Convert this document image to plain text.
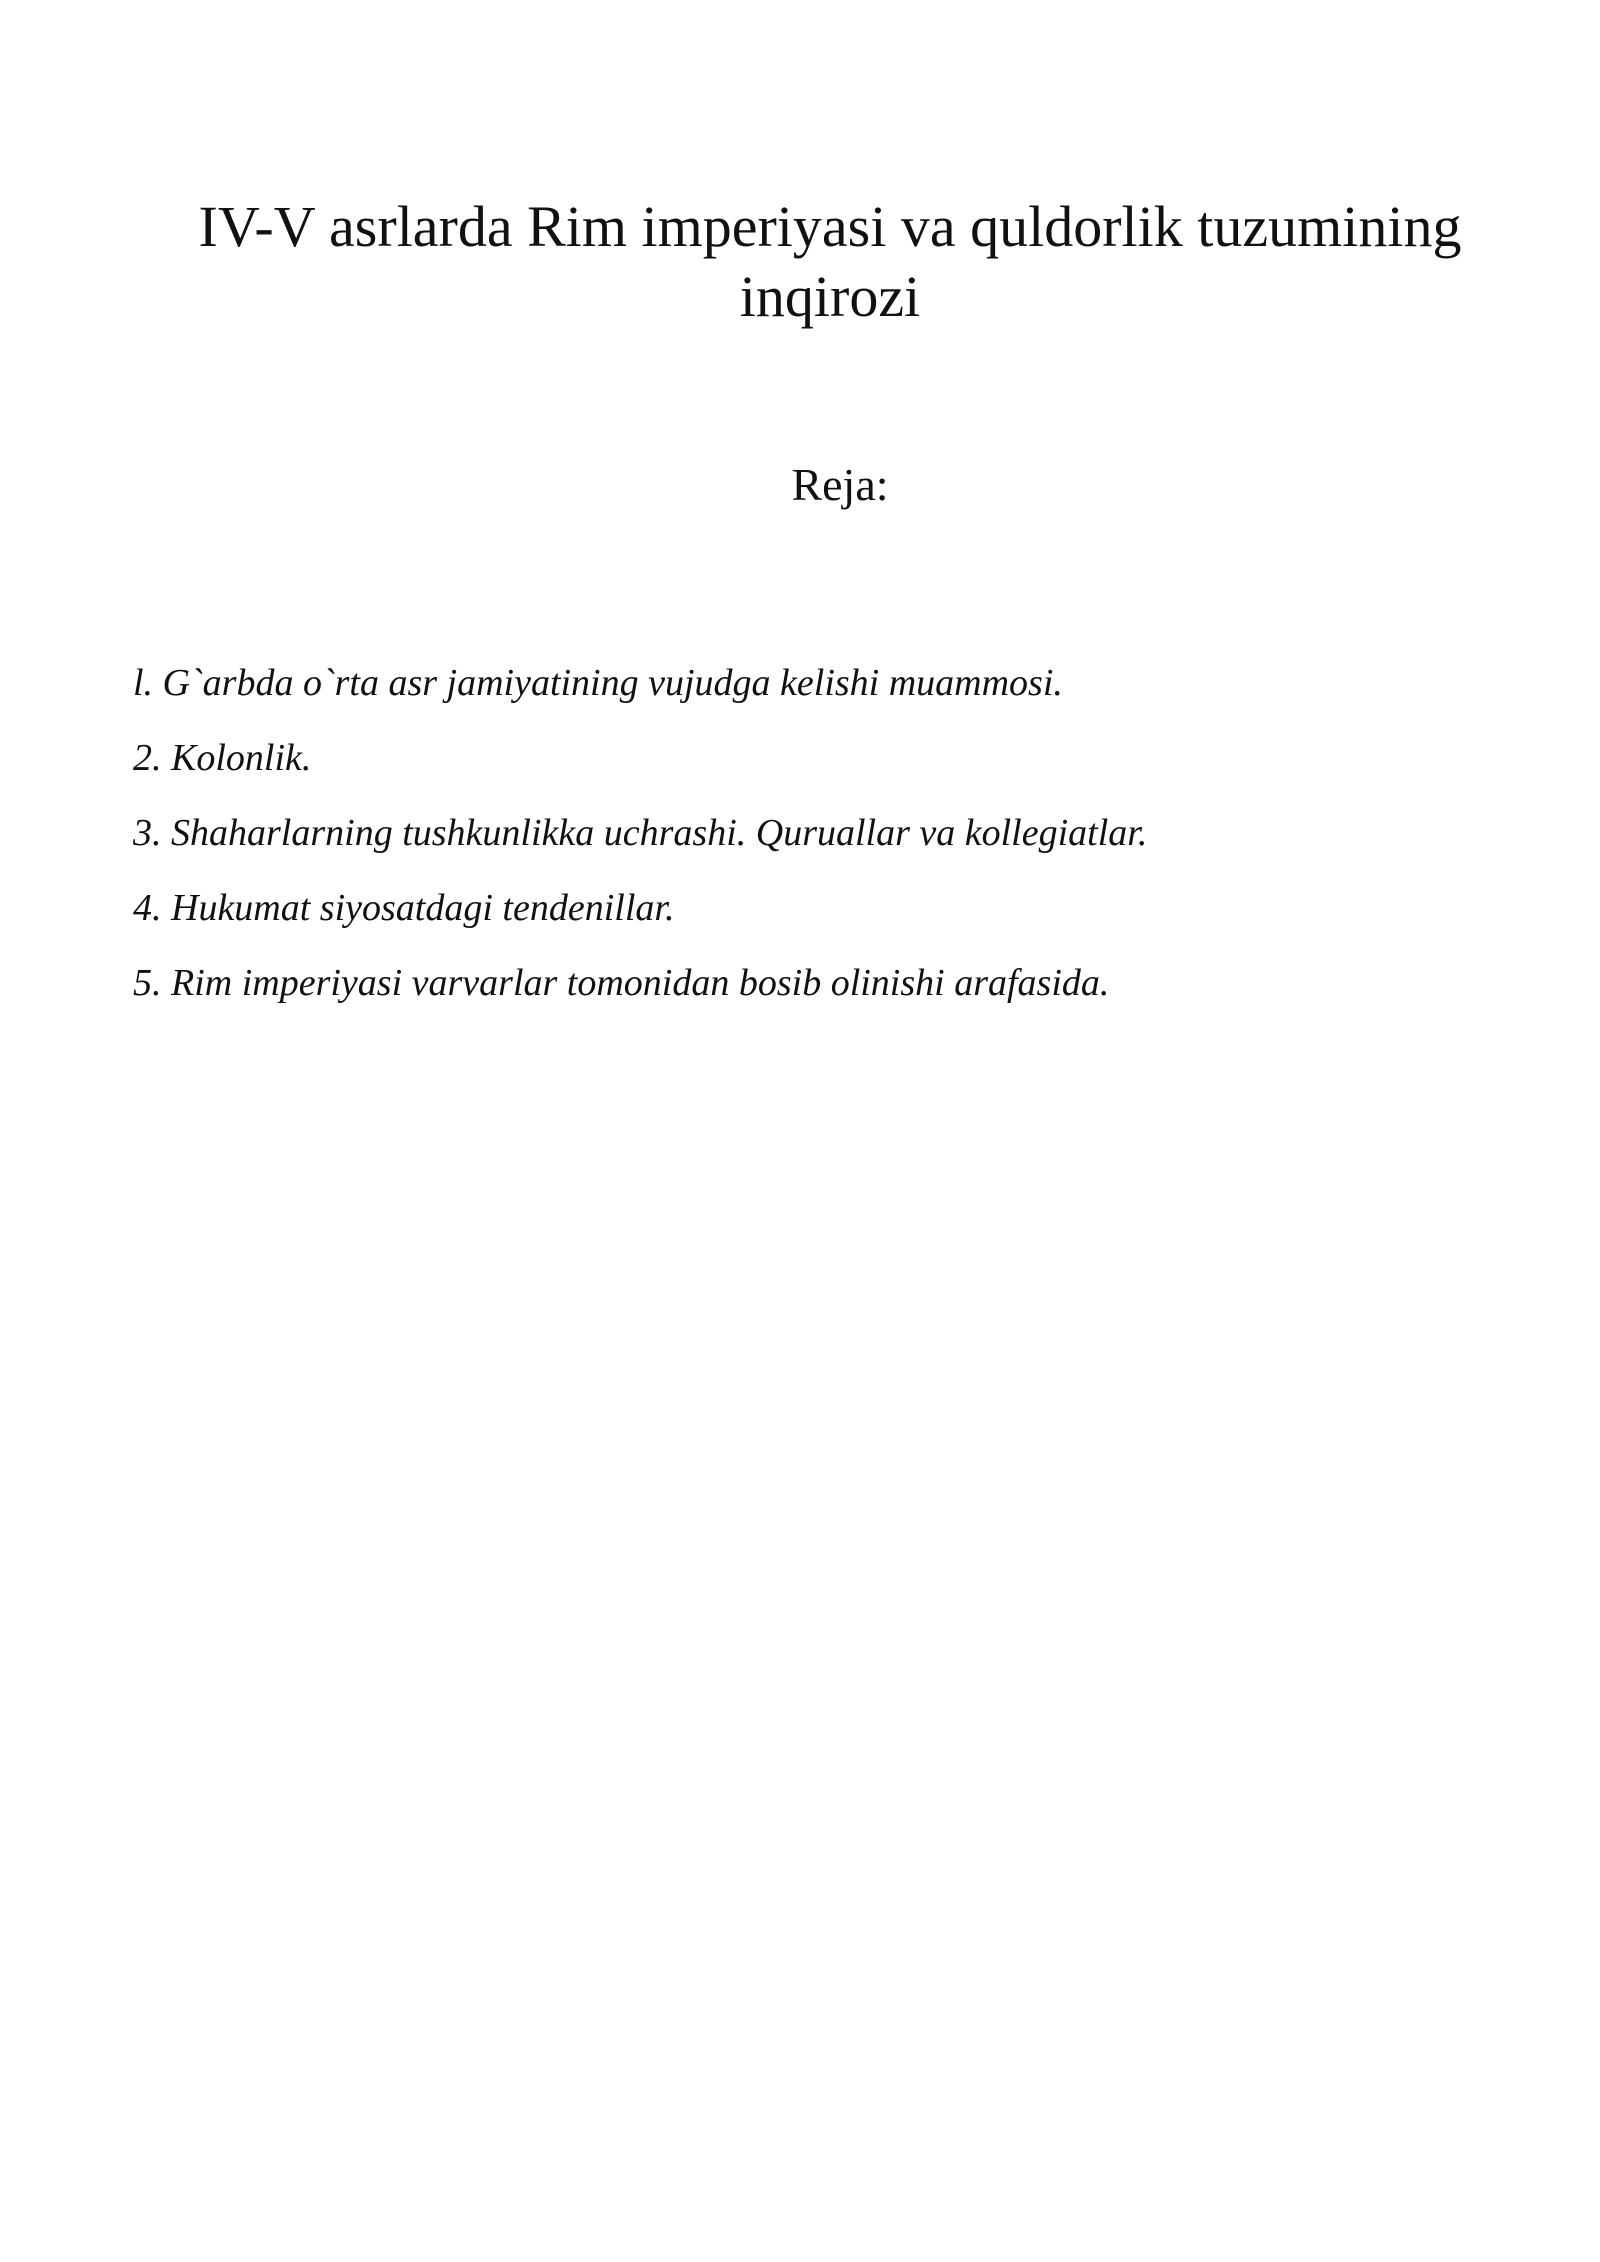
IV-V asrlarda Rim imperiyasi va quldorlik tuzumining
inqirozi
Reja:
l. G`arbda o`rta asr jamiyatining vujudga kelishi muammosi.
2. Kolonlik.
3. Shaharlarning tushkunlikka uchrashi. Qurиallar va kollegiatlar.
4. Hukumat siyosatdagi tendenillar.
5. Rim imperiyasi varvarlar tomonidan bosib olinishi arafasida.
